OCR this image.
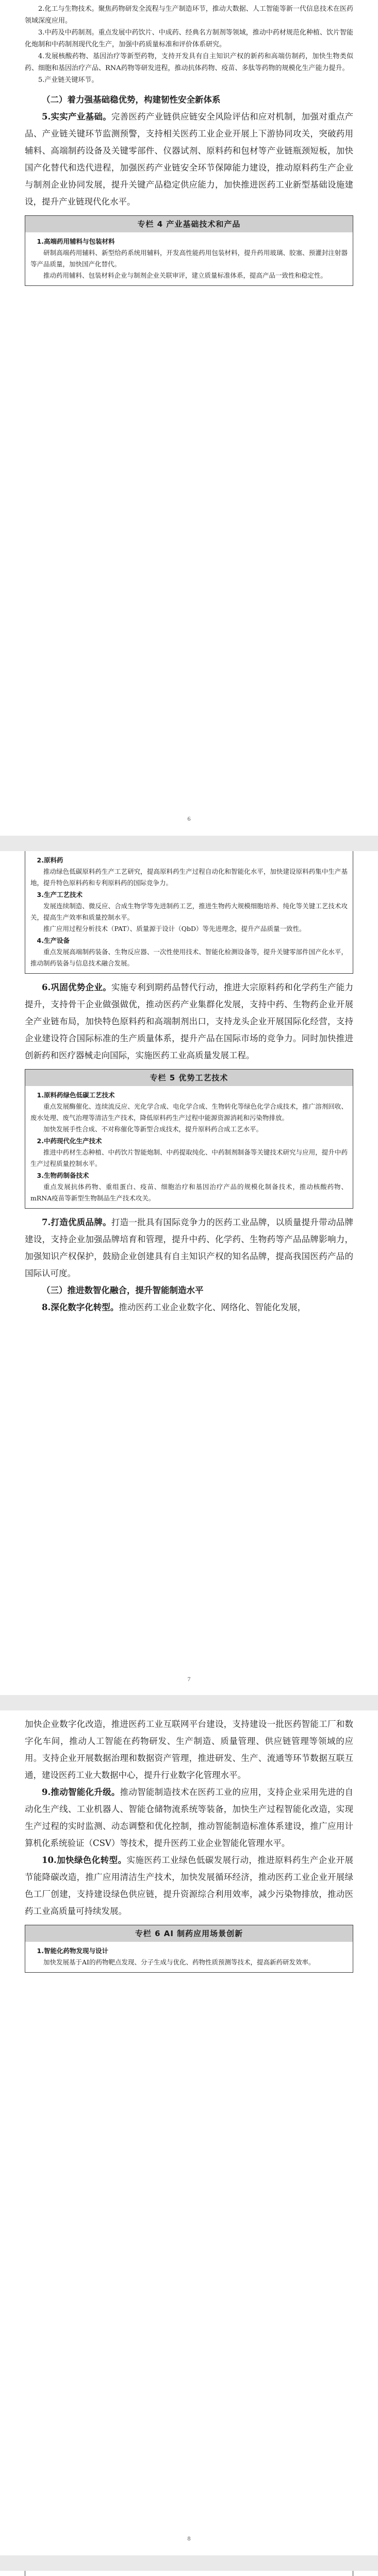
2.化工与生物技术。聚焦药物研发全流程与生产制造环节，推动大数据、人工智能等新一代信息技术在医药领域深度应用。

3.中药及中药制剂。重点发展中药饮片、中成药、经典名方制剂等领域，推动中药材规范化种植、饮片智能化炮制和中药制剂现代化生产，加强中药质量标准和评价体系研究。

4.发展核酸药物、基因治疗等新型药物，支持开发具有自主知识产权的新药和高端仿制药，加快生物类似药、细胞和基因治疗产品、RNA药物等研发进程，推动抗体药物、疫苗、多肽等药物的规模化生产能力提升。

5.产业链关键环节。

（二）着力强基础稳优势，构建韧性安全新体系

5.实实产业基础。完善医药产业链供应链安全风险评估和应对机制，加强对重点产品、产业链关键环节监测预警，支持相关医药工业企业开展上下游协同攻关，突破药用辅料、高端制药设备及关键零部件、仪器试剂、原料药和包材等产业链瓶颈短板，加快国产化替代和迭代进程，加强医药产业链安全环节保障能力建设，推动原料药生产企业与制剂企业协同发展，提升关键产品稳定供应能力，加快推进医药工业新型基础设施建设，提升产业链现代化水平。

专栏 4 产业基础技术和产品
1.高端药用辅料与包装材料

研制高端药用辅料、新型给药系统用辅料，开发高性能药用包装材料，提升药用玻璃、胶塞、预灌封注射器等产品质量，加快国产化替代。

推动药用辅料、包装材料企业与制剂企业关联审评，建立质量标准体系，提高产品一致性和稳定性。

6
2.原料药

推动绿色低碳原料药生产工艺研究，提高原料药生产过程自动化和智能化水平，加快建设原料药集中生产基地，提升特色原料药和专利原料药的国际竞争力。

3.生产工艺技术

发展连续制造、微反应、合成生物学等先进制药工艺，推进生物药大规模细胞培养、纯化等关键工艺技术攻关，提高生产效率和质量控制水平。

推广应用过程分析技术（PAT）、质量源于设计（QbD）等先进理念，提升产品质量一致性。

4.生产设备

重点发展高端制药装备、生物反应器、一次性使用技术、智能化检测设备等，提升关键零部件国产化水平，推动制药装备与信息技术融合发展。

6.巩固优势企业。实施专利到期药品替代行动，推进大宗原料药和化学药生产能力提升，支持骨干企业做强做优，推动医药产业集群化发展，支持中药、生物药企业开展全产业链布局，加快特色原料药和高端制剂出口，支持龙头企业开展国际化经营，支持企业建设符合国际标准的生产质量体系，提升产品在国际市场的竞争力。同时加快推进创新药和医疗器械走向国际，实施医药工业高质量发展工程。

专栏 5 优势工艺技术
1.原料药绿色低碳工艺技术

重点发展酶催化、连续流反应、光化学合成、电化学合成、生物转化等绿色化学合成技术，推广溶剂回收、废水处理、废气治理等清洁生产技术，降低原料药生产过程中能源资源消耗和污染物排放。

加快发展手性合成、不对称催化等新型合成技术，提升原料药合成工艺水平。

2.中药现代化生产技术

推进中药材生态种植、中药饮片智能炮制、中药提取纯化、中药制剂制备等关键技术研究与应用，提升中药生产过程质量控制水平。

3.生物药制备技术

重点发展抗体药物、重组蛋白、疫苗、细胞治疗和基因治疗产品的规模化制备技术，推动核酸药物、mRNA疫苗等新型生物制品生产技术攻关。

7.打造优质品牌。打造一批具有国际竞争力的医药工业品牌，以质量提升带动品牌建设，支持企业加强品牌培育和管理，提升中药、化学药、生物药等产品品牌影响力，加强知识产权保护，鼓励企业创建具有自主知识产权的知名品牌，提高我国医药产品的国际认可度。

（三）推进数智化融合，提升智能制造水平

8.深化数字化转型。推动医药工业企业数字化、网络化、智能化发展，

7

加快企业数字化改造，推进医药工业互联网平台建设，支持建设一批医药智能工厂和数字化车间，推动人工智能在药物研发、生产制造、质量管理、供应链管理等领域的应用。支持企业开展数据治理和数据资产管理，推进研发、生产、流通等环节数据互联互通，建设医药工业大数据中心，提升行业数字化管理水平。

9.推动智能化升级。推动智能制造技术在医药工业的应用，支持企业采用先进的自动化生产线、工业机器人、智能仓储物流系统等装备，加快生产过程智能化改造，实现生产过程的实时监测、动态调整和优化控制，推动智能制造标准体系建设，推广应用计算机化系统验证（CSV）等技术，提升医药工业企业智能化管理水平。

10.加快绿色化转型。实施医药工业绿色低碳发展行动，推进原料药生产企业开展节能降碳改造，推广应用清洁生产技术，加快发展循环经济，推动医药工业企业开展绿色工厂创建，支持建设绿色供应链，提升资源综合利用效率，减少污染物排放，推动医药工业高质量可持续发展。

专栏 6 AI 制药应用场景创新
1.智能化药物发现与设计

加快发展基于AI的药物靶点发现、分子生成与优化、药物性质预测等技术，提高新药研发效率。

8
